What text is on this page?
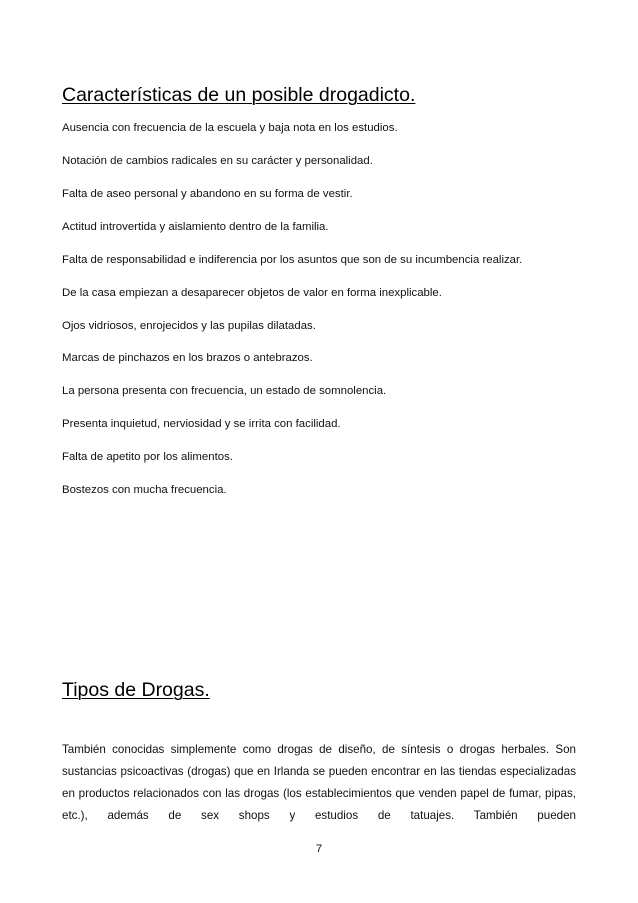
Características de un posible drogadicto.

Ausencia con frecuencia de la escuela y baja nota en los estudios.

Notación de cambios radicales en su carácter y personalidad.

Falta de aseo personal y abandono en su forma de vestir.

Actitud introvertida y aislamiento dentro de la familia.

Falta de responsabilidad e indiferencia por los asuntos que son de su incumbencia realizar.

De la casa empiezan a desaparecer objetos de valor en forma inexplicable.

Ojos vidriosos, enrojecidos y las pupilas dilatadas.

Marcas de pinchazos en los brazos o antebrazos.

La persona presenta con frecuencia, un estado de somnolencia.

Presenta inquietud, nerviosidad y se irrita con facilidad.

Falta de apetito por los alimentos.

Bostezos con mucha frecuencia.

Tipos de Drogas.

También conocidas simplemente como drogas de diseño, de síntesis o drogas herbales. Son sustancias psicoactivas (drogas) que en Irlanda se pueden encontrar en las tiendas especializadas en productos relacionados con las drogas (los establecimientos que venden papel de fumar, pipas, etc.), además de sex shops y estudios de tatuajes. También pueden

7
